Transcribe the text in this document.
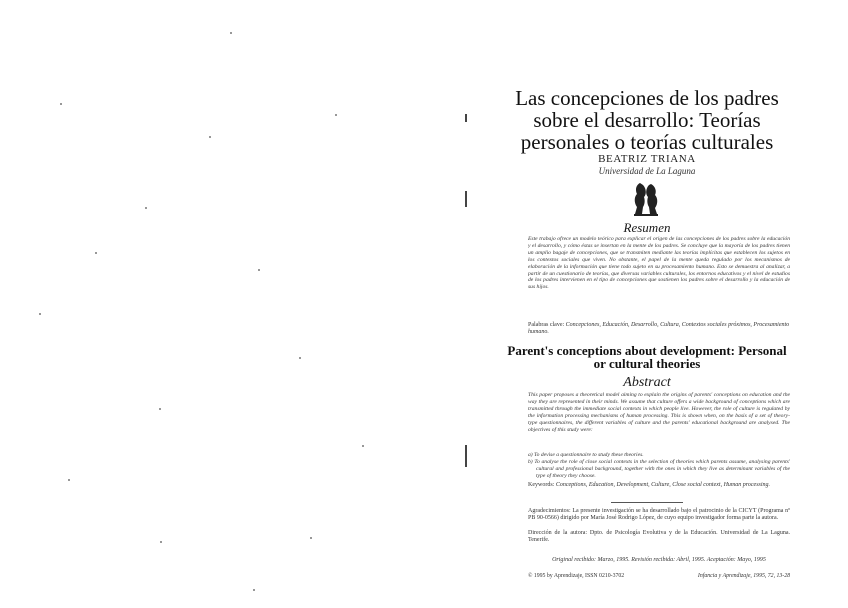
Las concepciones de los padres
sobre el desarrollo: Teorías
personales o teorías culturales
BEATRIZ TRIANA
Universidad de La Laguna
Resumen

Este trabajo ofrece un modelo teórico para explicar el origen de las concepciones de los padres sobre la educación y el desarrollo, y cómo éstas se insertan en la mente de los padres. Se concluye que la mayoría de los padres tienen un amplio bagaje de concepciones, que se transmiten mediante las teorías implícitas que establecen los sujetos en los contextos sociales que viven. No obstante, el papel de la mente queda regulado por los mecanismos de elaboración de la información que tiene todo sujeto en su procesamiento humano. Esto se demuestra al analizar, a partir de un cuestionario de teorías, que diversas variables culturales, los entornos educativos y el nivel de estudios de los padres intervienen en el tipo de concepciones que sostienen los padres sobre el desarrollo y la educación de sus hijos.

Palabras clave: Concepciones, Educación, Desarrollo, Cultura, Contextos sociales próximos, Procesamiento humano.

Parent's conceptions about development: Personal
or cultural theories
Abstract

This paper proposes a theoretical model aiming to explain the origins of parents' conceptions on education and the way they are represented in their minds. We assume that culture offers a wide background of conceptions which are transmitted through the immediate social contexts in which people live. However, the role of culture is regulated by the information processing mechanisms of human processing. This is shown when, on the basis of a set of theory-type questionnaires, the different variables of culture and the parents' educational background are analysed. The objectives of this study were:

a) To devise a questionnaire to study these theories.
b) To analyse the role of close social contexts in the selection of theories which parents assume, analysing parents' cultural and professional background, together with the ones in which they live as determinant variables of the type of theory they choose.

Keywords: Conceptions, Education, Development, Culture, Close social context, Human processing.

Agradecimientos: La presente investigación se ha desarrollado bajo el patrocinio de la CICYT (Programa nº PB 90-0566) dirigido por María José Rodrigo López, de cuyo equipo investigador forma parte la autora.

Dirección de la autora: Dpto. de Psicología Evolutiva y de la Educación. Universidad de La Laguna. Tenerife.

Original recibido: Marzo, 1995. Revisión recibida: Abril, 1995. Aceptación: Mayo, 1995

© 1995 by Aprendizaje, ISSN 0210-3702	Infancia y Aprendizaje, 1995, 72, 13-28
